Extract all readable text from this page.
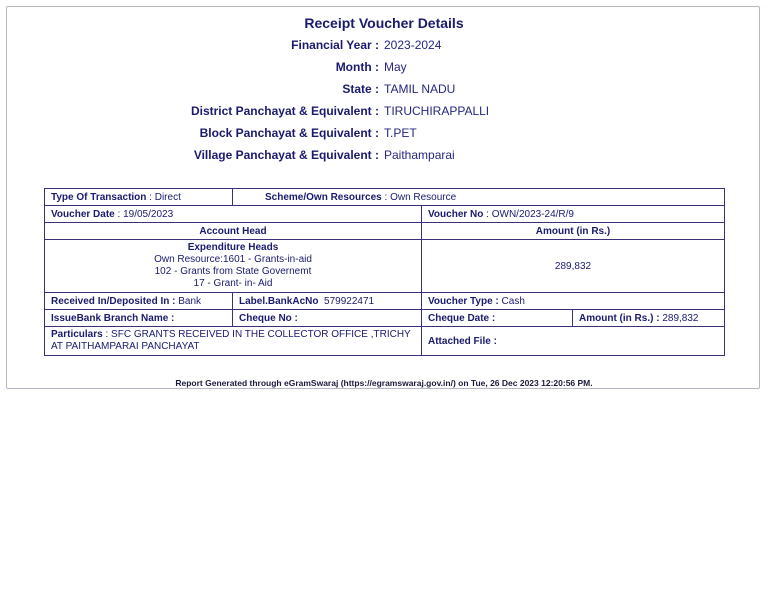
Receipt Voucher Details
Financial Year : 2023-2024
Month : May
State : TAMIL NADU
District Panchayat & Equivalent : TIRUCHIRAPPALLI
Block Panchayat & Equivalent : T.PET
Village Panchayat & Equivalent : Paithamparai
Type Of Transaction : Direct	Scheme/Own Resources : Own Resource		
Voucher Date : 19/05/2023		Voucher No : OWN/2023-24/R/9	
Account Head		Amount (in Rs.)	

Expenditure Heads
Own Resource:1601 - Grants-in-aid
102 - Grants from State Governemt
17 - Grant- in- Aid		289,832	
Received In/Deposited In : Bank	Label.BankAcNo 579922471	Voucher Type : Cash	
IssueBank Branch Name :	Cheque No :	Cheque Date :	Amount (in Rs.) : 289,832
Particulars : SFC GRANTS RECEIVED IN THE COLLECTOR OFFICE ,TRICHY AT PAITHAMPARAI PANCHAYAT		Attached File :	
Report Generated through eGramSwaraj (https://egramswaraj.gov.in/) on Tue, 26 Dec 2023 12:20:56 PM.
